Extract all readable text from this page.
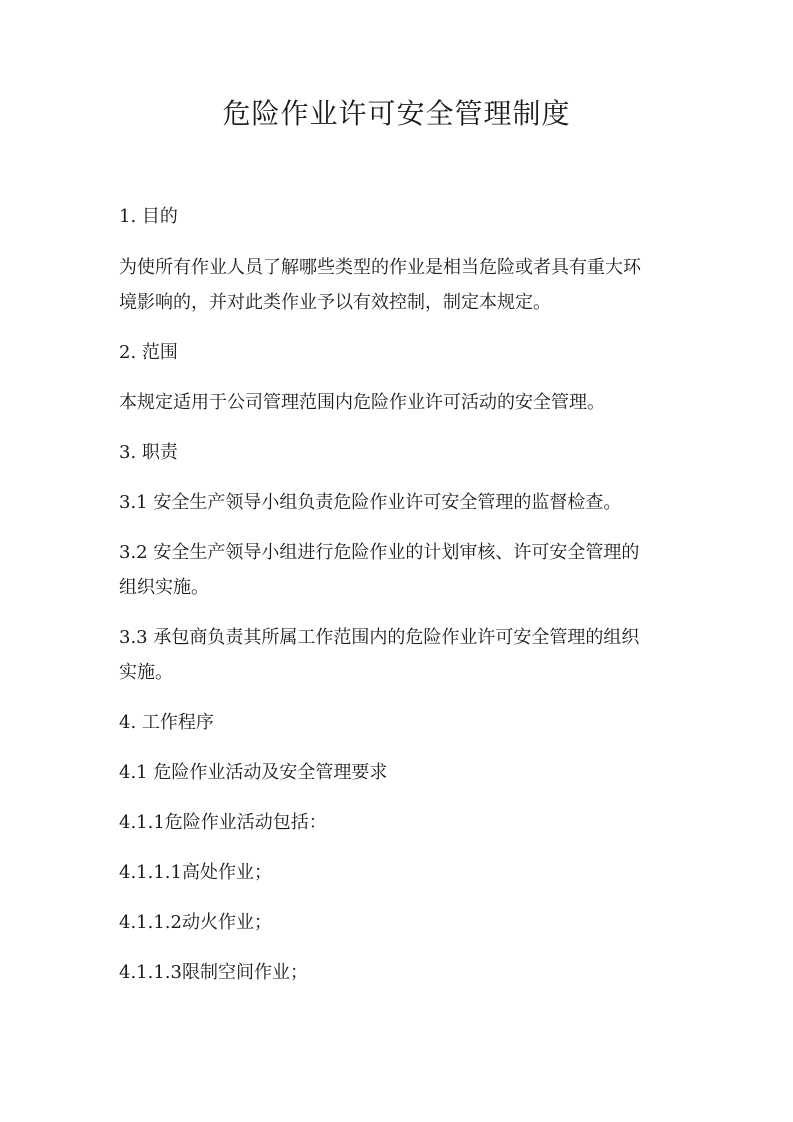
危险作业许可安全管理制度

1. 目的

为使所有作业人员了解哪些类型的作业是相当危险或者具有重大环

境影响的，并对此类作业予以有效控制，制定本规定。

2. 范围

本规定适用于公司管理范围内危险作业许可活动的安全管理。

3. 职责

3.1 安全生产领导小组负责危险作业许可安全管理的监督检查。

3.2 安全生产领导小组进行危险作业的计划审核、许可安全管理的

组织实施。

3.3 承包商负责其所属工作范围内的危险作业许可安全管理的组织

实施。

4. 工作程序

4.1 危险作业活动及安全管理要求

4.1.1危险作业活动包括：

4.1.1.1高处作业；

4.1.1.2动火作业；

4.1.1.3限制空间作业；
